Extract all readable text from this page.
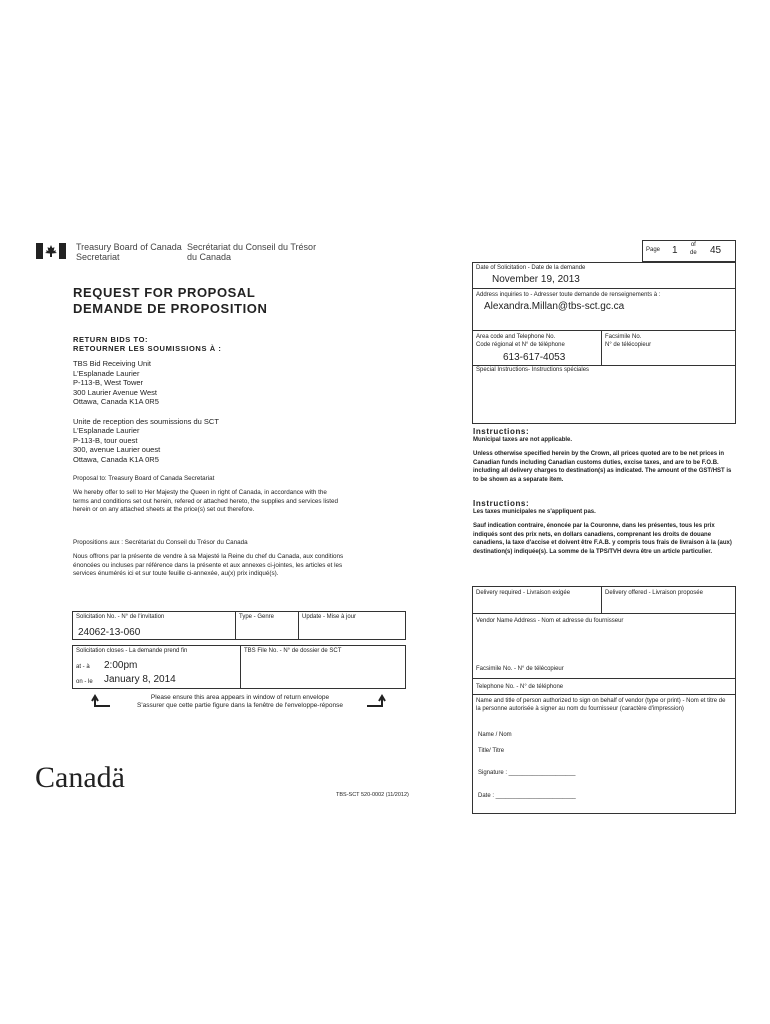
Treasury Board of Canada
Secretariat
Secrétariat du Conseil du Trésor
du Canada
REQUEST FOR PROPOSAL
DEMANDE DE PROPOSITION
RETURN BIDS TO:
RETOURNER LES SOUMISSIONS À :
TBS Bid Receiving Unit
L'Esplanade Laurier
P-113-B, West Tower
300 Laurier Avenue West
Ottawa, Canada K1A 0R5
Unite de reception des soumissions du SCT
L'Esplanade Laurier
P-113-B, tour ouest
300, avenue Laurier ouest
Ottawa, Canada K1A 0R5
Proposal to: Treasury Board of Canada Secretariat
We hereby offer to sell to Her Majesty the Queen in right of Canada, in accordance with the terms and conditions set out herein, refered or attached hereto, the supplies and services listed herein or on any attached sheets at the price(s) set out therefore.
Propositions aux : Secrétariat du Conseil du Trésor du Canada
Nous offrons par la présente de vendre à sa Majesté la Reine du chef du Canada, aux conditions énoncées ou incluses par référence dans la présente et aux annexes ci-jointes, les articles et les services énumérés ici et sur toute feuille ci-annexée, au(x) prix indiqué(s).
Solicitation No. - N° de l'invitation
24062-13-060
Type - Genre	Update - Mise à jour
Solicitation closes - La demande prend fin
at - à 2:00pm
on - le January 8, 2014
TBS File No. - N° de dossier de SCT
Please ensure this area appears in window of return envelope
S'assurer que cette partie figure dans la fenêtre de l'enveloppe-réponse
Canadä
TBS-SCT 520-0002 (11/2012)
Page 1 of
de 45
Date of Solicitation - Date de la demande
November 19, 2013
Address inquiries to - Adresser toute demande de renseignements à :
Alexandra.Millan@tbs-sct.gc.ca
Area code and Telephone No.
Code régional et N° de téléphone
613-617-4053
Facsimile No.
N° de télécopieur
Special Instructions- Instructions spéciales
Instructions:
Municipal taxes are not applicable.
Unless otherwise specified herein by the Crown, all prices quoted are to be net prices in Canadian funds including Canadian customs duties, excise taxes, and are to be F.O.B. including all delivery charges to destination(s) as indicated. The amount of the GST/HST is to be shown as a separate item.
Instructions:
Les taxes municipales ne s'appliquent pas.
Sauf indication contraire, énoncée par la Couronne, dans les présentes, tous les prix indiqués sont des prix nets, en dollars canadiens, comprenant les droits de douane canadiens, la taxe d'accise et doivent être F.A.B. y compris tous frais de livraison à la (aux) destination(s) indiquée(s). La somme de la TPS/TVH devra être un article particulier.
Delivery required - Livraison exigée	Delivery offered - Livraison proposée
Vendor Name Address - Nom et adresse du fournisseur
Facsimile No. - N° de télécopieur
Telephone No. - N° de téléphone
Name and title of person authorized to sign on behalf of vendor (type or print) - Nom et titre de la personne autorisée à signer au nom du fournisseur (caractère d'impression)
Name / Nom
Title/ Titre
Signature : ____________________
Date : ________________________
